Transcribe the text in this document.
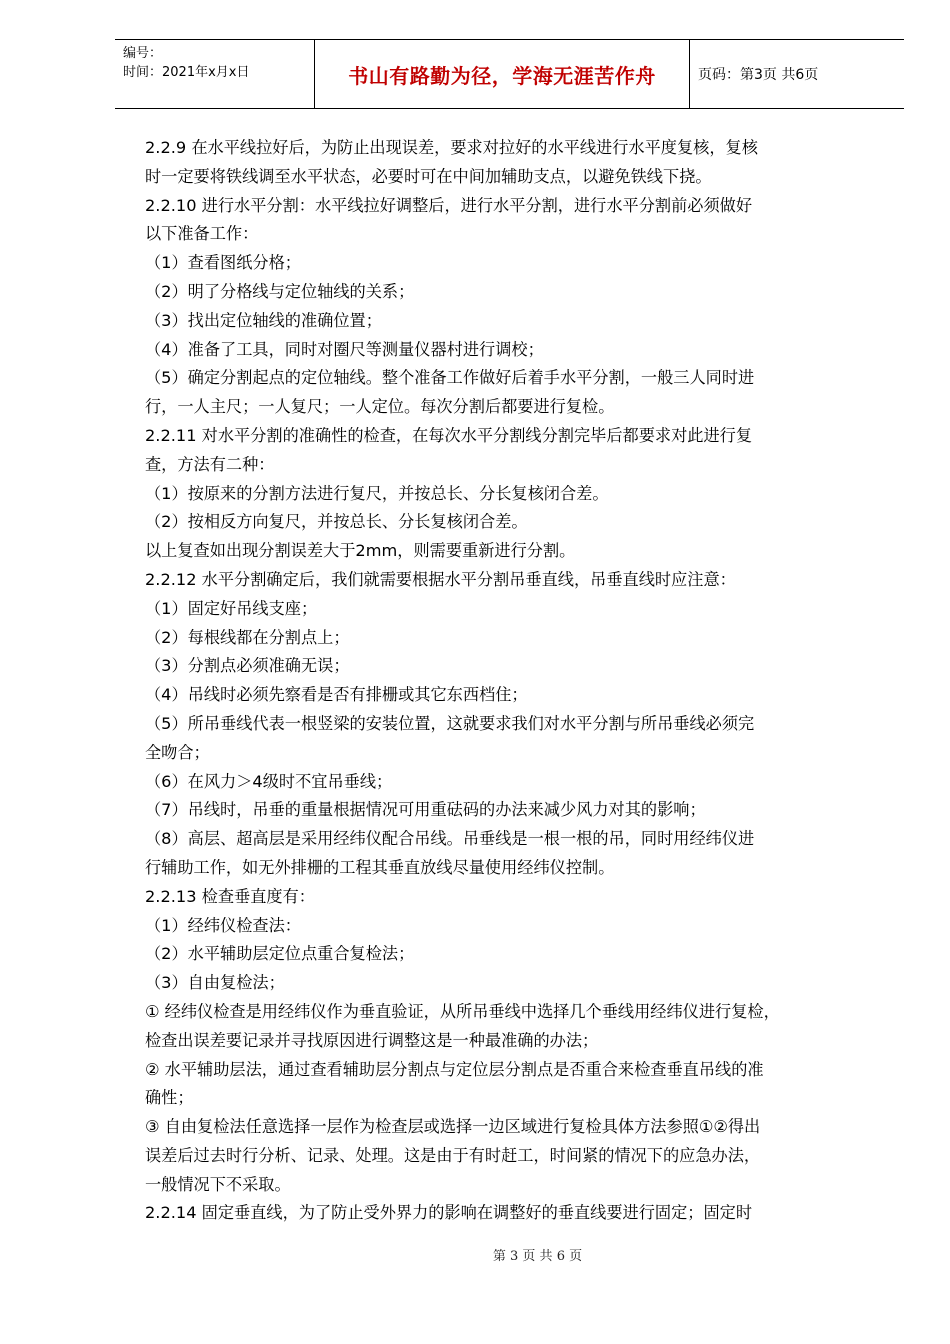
编号：
时间：2021年x月x日	书山有路勤为径，学海无涯苦作舟	页码：第3页 共6页
2.2.9 在水平线拉好后，为防止出现误差，要求对拉好的水平线进行水平度复核，复核
时一定要将铁线调至水平状态，必要时可在中间加辅助支点，以避免铁线下挠。
2.2.10 进行水平分割：水平线拉好调整后，进行水平分割，进行水平分割前必须做好
以下准备工作：
（1）查看图纸分格；
（2）明了分格线与定位轴线的关系；
（3）找出定位轴线的准确位置；
（4）准备了工具，同时对圈尺等测量仪器村进行调校；
（5）确定分割起点的定位轴线。整个准备工作做好后着手水平分割，一般三人同时进
行，一人主尺；一人复尺；一人定位。每次分割后都要进行复检。
2.2.11 对水平分割的准确性的检查，在每次水平分割线分割完毕后都要求对此进行复
查，方法有二种：
（1）按原来的分割方法进行复尺，并按总长、分长复核闭合差。
（2）按相反方向复尺，并按总长、分长复核闭合差。
以上复查如出现分割误差大于2mm，则需要重新进行分割。
2.2.12 水平分割确定后，我们就需要根据水平分割吊垂直线，吊垂直线时应注意：
（1）固定好吊线支座；
（2）每根线都在分割点上；
（3）分割点必须准确无误；
（4）吊线时必须先察看是否有排栅或其它东西档住；
（5）所吊垂线代表一根竖梁的安装位置，这就要求我们对水平分割与所吊垂线必须完
全吻合；
（6）在风力＞4级时不宜吊垂线；
（7）吊线时，吊垂的重量根据情况可用重砝码的办法来减少风力对其的影响；
（8）高层、超高层是采用经纬仪配合吊线。吊垂线是一根一根的吊，同时用经纬仪进
行辅助工作，如无外排栅的工程其垂直放线尽量使用经纬仪控制。
2.2.13 检查垂直度有：
（1）经纬仪检查法：
（2）水平辅助层定位点重合复检法；
（3）自由复检法；
① 经纬仪检查是用经纬仪作为垂直验证，从所吊垂线中选择几个垂线用经纬仪进行复检，
检查出误差要记录并寻找原因进行调整这是一种最准确的办法；
② 水平辅助层法，通过查看辅助层分割点与定位层分割点是否重合来检查垂直吊线的准
确性；
③ 自由复检法任意选择一层作为检查层或选择一边区域进行复检具体方法参照①②得出
误差后过去时行分析、记录、处理。这是由于有时赶工，时间紧的情况下的应急办法，
一般情况下不采取。
2.2.14 固定垂直线，为了防止受外界力的影响在调整好的垂直线要进行固定；固定时
第 3 页 共 6 页
